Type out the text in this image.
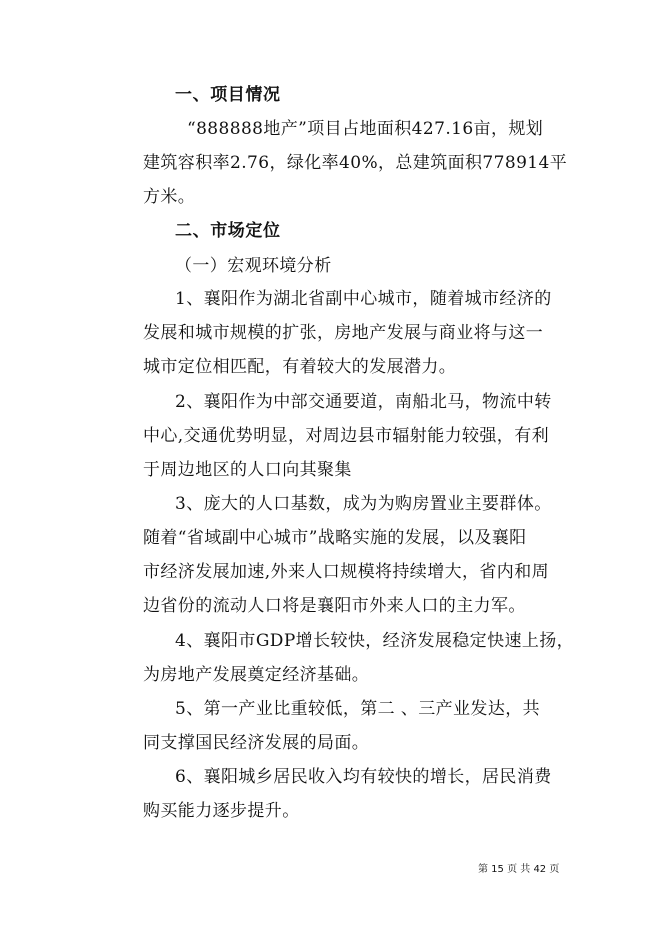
一、项目情况
“888888地产”项目占地面积427.16亩，规划
建筑容积率2.76，绿化率40%，总建筑面积778914平
方米。
二、市场定位
（一）宏观环境分析
1、襄阳作为湖北省副中心城市，随着城市经济的
发展和城市规模的扩张，房地产发展与商业将与这一
城市定位相匹配，有着较大的发展潜力。
2、襄阳作为中部交通要道，南船北马，物流中转
中心,交通优势明显，对周边县市辐射能力较强，有利
于周边地区的人口向其聚集
3、庞大的人口基数，成为为购房置业主要群体。
随着“省域副中心城市”战略实施的发展，以及襄阳
市经济发展加速,外来人口规模将持续增大，省内和周
边省份的流动人口将是襄阳市外来人口的主力军。
4、襄阳市GDP增长较快，经济发展稳定快速上扬，
为房地产发展奠定经济基础。
5、第一产业比重较低，第二 、三产业发达，共
同支撑国民经济发展的局面。
6、襄阳城乡居民收入均有较快的增长，居民消费
购买能力逐步提升。
第 15 页 共 42 页
